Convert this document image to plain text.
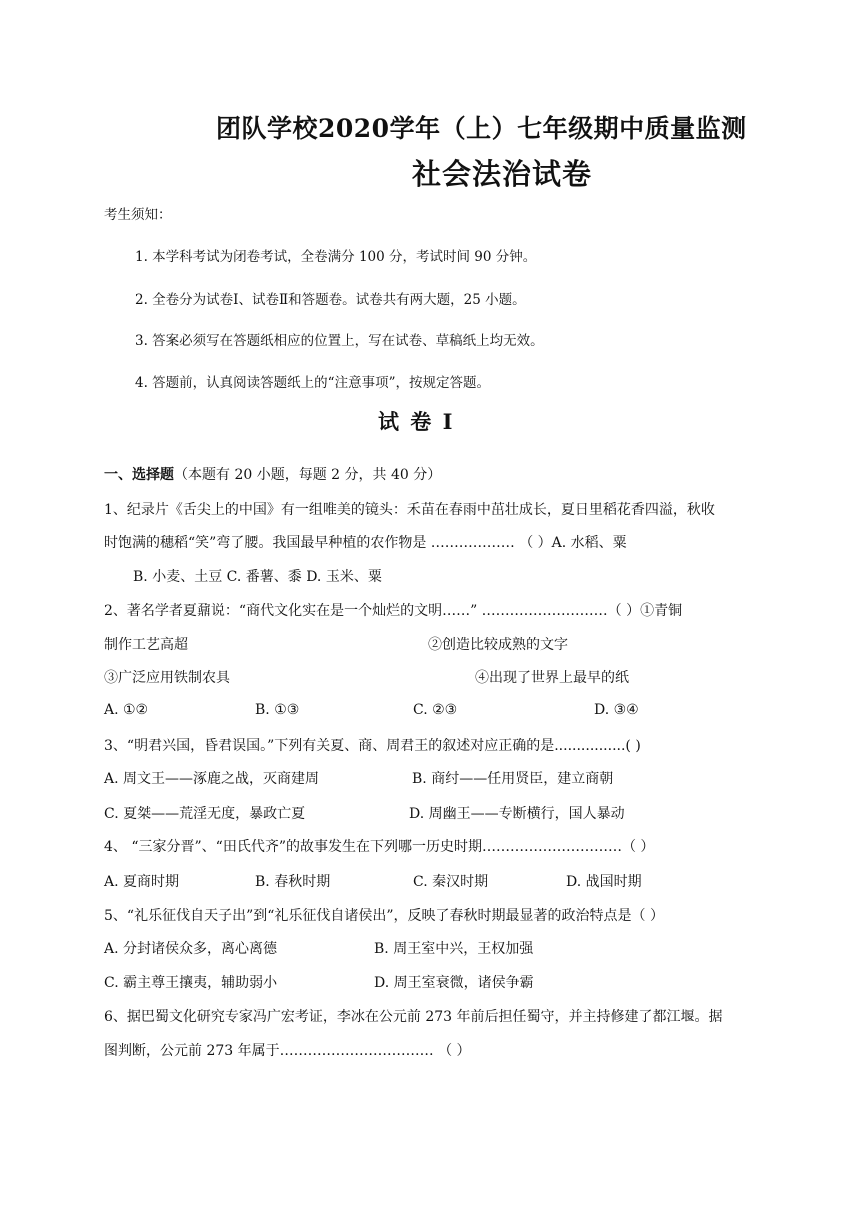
团队学校2020学年（上）七年级期中质量监测
社会法治试卷
考生须知：
1. 本学科考试为闭卷考试，全卷满分 100 分，考试时间 90 分钟。
2. 全卷分为试卷Ⅰ、试卷Ⅱ和答题卷。试卷共有两大题，25 小题。
3. 答案必须写在答题纸相应的位置上，写在试卷、草稿纸上均无效。
4. 答题前，认真阅读答题纸上的“注意事项”，按规定答题。
试 卷 Ⅰ
一、选择题（本题有 20 小题，每题 2 分，共 40 分）
1、纪录片《舌尖上的中国》有一组唯美的镜头：禾苗在春雨中茁壮成长，夏日里稻花香四溢，秋收
时饱满的穗稻“笑”弯了腰。我国最早种植的农作物是 ……………… （ ）A. 水稻、粟
B. 小麦、土豆 C. 番薯、黍 D. 玉米、粟
2、著名学者夏鼐说：“商代文化实在是一个灿烂的文明……” ………………………（ ）①青铜
制作工艺高超	②创造比较成熟的文字
③广泛应用铁制农具	④出现了世界上最早的纸
A. ①②	B. ①③	C. ②③	D. ③④
3、“明君兴国，昏君误国。”下列有关夏、商、周君王的叙述对应正确的是................( )
A. 周文王——涿鹿之战，灭商建周	B. 商纣——任用贤臣，建立商朝
C. 夏桀——荒淫无度，暴政亡夏	D. 周幽王——专断横行，国人暴动
4、 “三家分晋”、“田氏代齐”的故事发生在下列哪一历史时期…………………………（ ）
A. 夏商时期	B. 春秋时期	C. 秦汉时期	D. 战国时期
5、“礼乐征伐自天子出”到“礼乐征伐自诸侯出”，反映了春秋时期最显著的政治特点是（ ）
A. 分封诸侯众多，离心离德	B. 周王室中兴，王权加强
C. 霸主尊王攘夷，辅助弱小	D. 周王室衰微，诸侯争霸
6、据巴蜀文化研究专家冯广宏考证，李冰在公元前 273 年前后担任蜀守，并主持修建了都江堰。据
图判断，公元前 273 年属于…………………………… （ ）
